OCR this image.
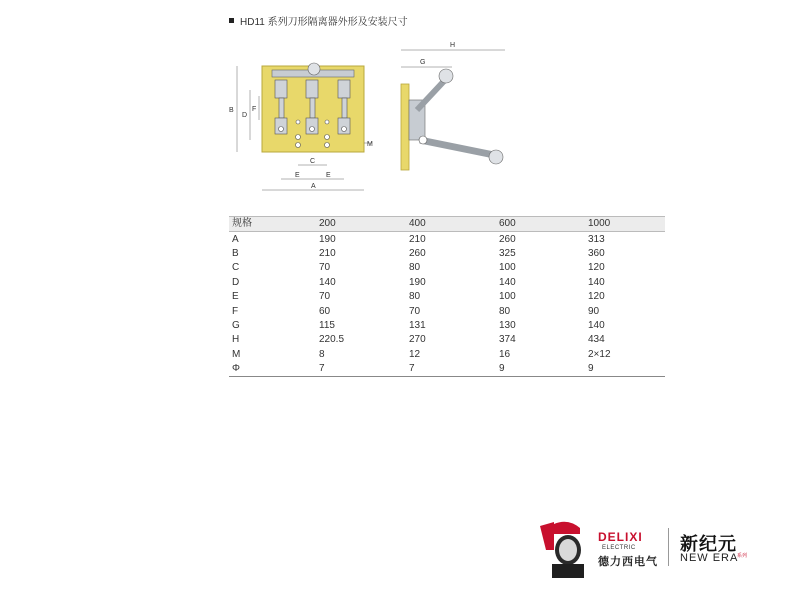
HD11 系列刀形隔离器外形及安装尺寸
B
D
F
C
E	E
A
M
H
G
规格	200	400	600	1000
A	190	210	260	313
B	210	260	325	360
C	70	80	100	120
D	140	190	140	140
E	70	80	100	120
F	60	70	80	90
G	115	131	130	140
H	220.5	270	374	434
M	8	12	16	2×12
Φ	7	7	9	9
DELIXI
ELECTRIC
德力西电气
新纪元
NEW ERA
系列
